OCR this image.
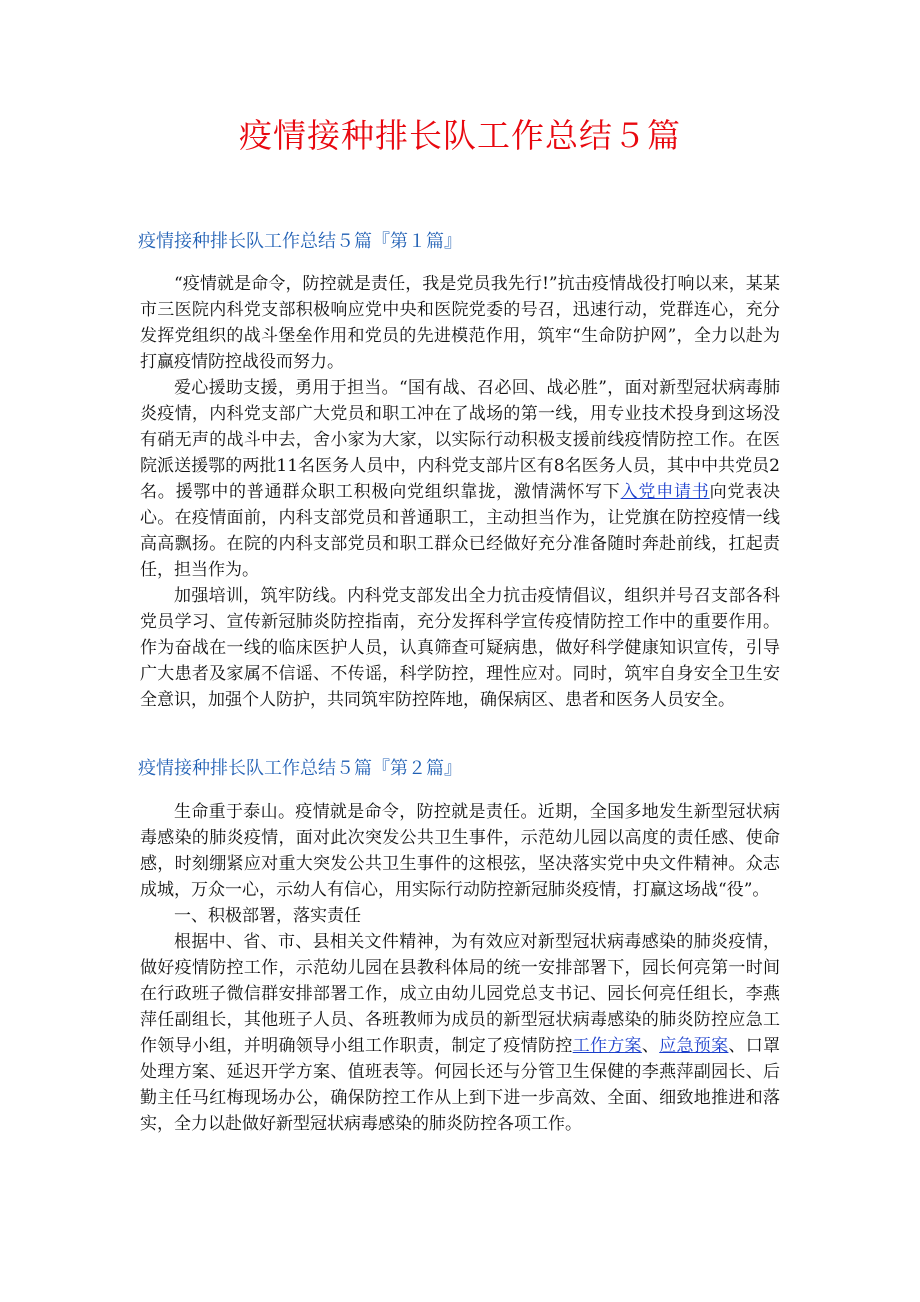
疫情接种排长队工作总结５篇
疫情接种排长队工作总结５篇『第１篇』

“疫情就是命令，防控就是责任，我是党员我先行!”抗击疫情战役打响以来，某某市三医院内科党支部积极响应党中央和医院党委的号召，迅速行动，党群连心，充分发挥党组织的战斗堡垒作用和党员的先进模范作用，筑牢“生命防护网”，全力以赴为打赢疫情防控战役而努力。

爱心援助支援，勇用于担当。“国有战、召必回、战必胜”，面对新型冠状病毒肺炎疫情，内科党支部广大党员和职工冲在了战场的第一线，用专业技术投身到这场没有硝无声的战斗中去，舍小家为大家，以实际行动积极支援前线疫情防控工作。在医院派送援鄂的两批11名医务人员中，内科党支部片区有8名医务人员，其中中共党员2名。援鄂中的普通群众职工积极向党组织靠拢，激情满怀写下入党申请书向党表决心。在疫情面前，内科支部党员和普通职工，主动担当作为，让党旗在防控疫情一线高高飘扬。在院的内科支部党员和职工群众已经做好充分准备随时奔赴前线，扛起责任，担当作为。

加强培训，筑牢防线。内科党支部发出全力抗击疫情倡议，组织并号召支部各科党员学习、宣传新冠肺炎防控指南，充分发挥科学宣传疫情防控工作中的重要作用。作为奋战在一线的临床医护人员，认真筛查可疑病患，做好科学健康知识宣传，引导广大患者及家属不信谣、不传谣，科学防控，理性应对。同时，筑牢自身安全卫生安全意识，加强个人防护，共同筑牢防控阵地，确保病区、患者和医务人员安全。

疫情接种排长队工作总结５篇『第２篇』

生命重于泰山。疫情就是命令，防控就是责任。近期，全国多地发生新型冠状病毒感染的肺炎疫情，面对此次突发公共卫生事件，示范幼儿园以高度的责任感、使命感，时刻绷紧应对重大突发公共卫生事件的这根弦，坚决落实党中央文件精神。众志成城，万众一心，示幼人有信心，用实际行动防控新冠肺炎疫情，打赢这场战“役”。

一、积极部署，落实责任

根据中、省、市、县相关文件精神，为有效应对新型冠状病毒感染的肺炎疫情，做好疫情防控工作，示范幼儿园在县教科体局的统一安排部署下，园长何亮第一时间在行政班子微信群安排部署工作，成立由幼儿园党总支书记、园长何亮任组长，李燕萍任副组长，其他班子人员、各班教师为成员的新型冠状病毒感染的肺炎防控应急工作领导小组，并明确领导小组工作职责，制定了疫情防控工作方案、应急预案、口罩处理方案、延迟开学方案、值班表等。何园长还与分管卫生保健的李燕萍副园长、后勤主任马红梅现场办公，确保防控工作从上到下进一步高效、全面、细致地推进和落实，全力以赴做好新型冠状病毒感染的肺炎防控各项工作。
